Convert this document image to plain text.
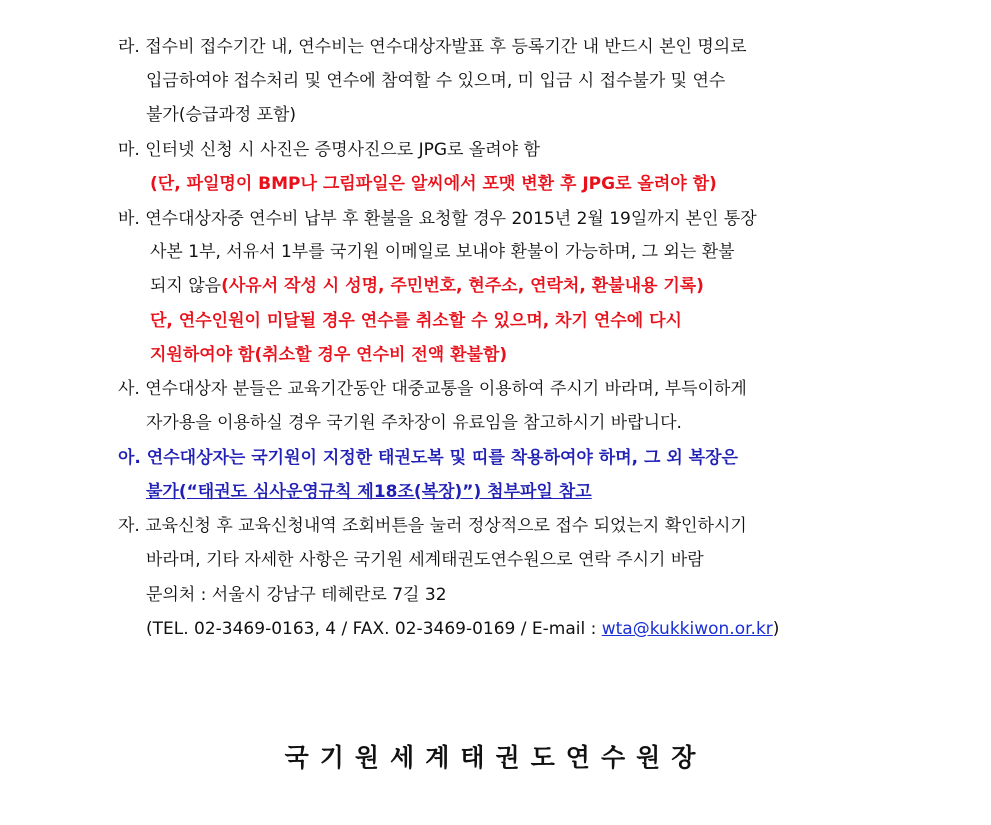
라. 접수비 접수기간 내, 연수비는 연수대상자발표 후 등록기간 내 반드시 본인 명의로
입금하여야 접수처리 및 연수에 참여할 수 있으며, 미 입금 시 접수불가 및 연수
불가(승급과정 포함)
마. 인터넷 신청 시 사진은 증명사진으로 JPG로 올려야 함
(단, 파일명이 BMP나 그림파일은 알씨에서 포맷 변환 후 JPG로 올려야 함)
바. 연수대상자중 연수비 납부 후 환불을 요청할 경우 2015년 2월 19일까지 본인 통장
사본 1부, 서유서 1부를 국기원 이메일로 보내야 환불이 가능하며, 그 외는 환불
되지 않음(사유서 작성 시 성명, 주민번호, 현주소, 연락처, 환불내용 기록)
단, 연수인원이 미달될 경우 연수를 취소할 수 있으며, 차기 연수에 다시
지원하여야 함(취소할 경우 연수비 전액 환불함)
사. 연수대상자 분들은 교육기간동안 대중교통을 이용하여 주시기 바라며, 부득이하게
자가용을 이용하실 경우 국기원 주차장이 유료임을 참고하시기 바랍니다.
아. 연수대상자는 국기원이 지정한 태권도복 및 띠를 착용하여야 하며, 그 외 복장은
불가(“태권도 심사운영규칙 제18조(복장)”) 첨부파일 참고
자. 교육신청 후 교육신청내역 조회버튼을 눌러 정상적으로 접수 되었는지 확인하시기
바라며, 기타 자세한 사항은 국기원 세계태권도연수원으로 연락 주시기 바람
문의처 : 서울시 강남구 테헤란로 7길 32
(TEL. 02-3469-0163, 4 / FAX. 02-3469-0169 / E-mail : wta@kukkiwon.or.kr)
국기원세계태권도연수원장
